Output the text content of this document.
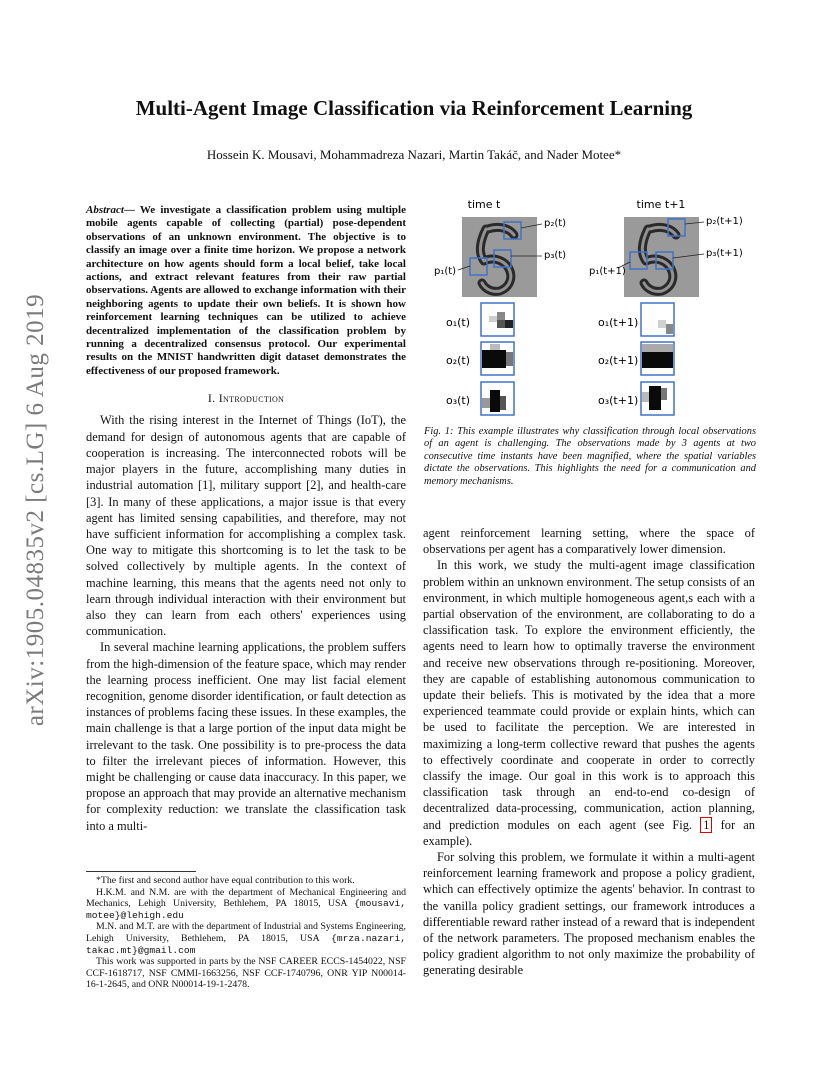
arXiv:1905.04835v2 [cs.LG] 6 Aug 2019
Multi-Agent Image Classification via Reinforcement Learning
Hossein K. Mousavi, Mohammadreza Nazari, Martin Takáč, and Nader Motee*

Abstract— We investigate a classification problem using multiple mobile agents capable of collecting (partial) pose-dependent observations of an unknown environment. The objective is to classify an image over a finite time horizon. We propose a network architecture on how agents should form a local belief, take local actions, and extract relevant features from their raw partial observations. Agents are allowed to exchange information with their neighboring agents to update their own beliefs. It is shown how reinforcement learning techniques can be utilized to achieve decentralized implementation of the classification problem by running a decentralized consensus protocol. Our experimental results on the MNIST handwritten digit dataset demonstrates the effectiveness of our proposed framework.

I. Introduction

With the rising interest in the Internet of Things (IoT), the demand for design of autonomous agents that are capable of cooperation is increasing. The interconnected robots will be major players in the future, accomplishing many duties in industrial automation [1], military support [2], and health-care [3]. In many of these applications, a major issue is that every agent has limited sensing capabilities, and therefore, may not have sufficient information for accomplishing a complex task. One way to mitigate this shortcoming is to let the task to be solved collectively by multiple agents. In the context of machine learning, this means that the agents need not only to learn through individual interaction with their environment but also they can learn from each others' experiences using communication.

In several machine learning applications, the problem suffers from the high-dimension of the feature space, which may render the learning process inefficient. One may list facial element recognition, genome disorder identification, or fault detection as instances of problems facing these issues. In these examples, the main challenge is that a large portion of the input data might be irrelevant to the task. One possibility is to pre-process the data to filter the irrelevant pieces of information. However, this might be challenging or cause data inaccuracy. In this paper, we propose an approach that may provide an alternative mechanism for complexity reduction: we translate the classification task into a multi-

*The first and second author have equal contribution to this work.

H.K.M. and N.M. are with the department of Mechanical Engineering and Mechanics, Lehigh University, Bethlehem, PA 18015, USA {mousavi, motee}@lehigh.edu

M.N. and M.T. are with the department of Industrial and Systems Engineering, Lehigh University, Bethlehem, PA 18015, USA {mrza.nazari, takac.mt}@gmail.com

This work was supported in parts by the NSF CAREER ECCS-1454022, NSF CCF-1618717, NSF CMMI-1663256, NSF CCF-1740796, ONR YIP N00014-16-1-2645, and ONR N00014-19-1-2478.

time t	time t+1
p₂(t)
p₃(t)
p₁(t)
p₂(t+1)
p₃(t+1)
p₁(t+1)
o₁(t)
o₂(t)
o₃(t)
o₁(t+1)
o₂(t+1)
o₃(t+1)
Fig. 1: This example illustrates why classification through local observations of an agent is challenging. The observations made by 3 agents at two consecutive time instants have been magnified, where the spatial variables dictate the observations. This highlights the need for a communication and memory mechanisms.

agent reinforcement learning setting, where the space of observations per agent has a comparatively lower dimension.

In this work, we study the multi-agent image classification problem within an unknown environment. The setup consists of an environment, in which multiple homogeneous agent,s each with a partial observation of the environment, are collaborating to do a classification task. To explore the environment efficiently, the agents need to learn how to optimally traverse the environment and receive new observations through re-positioning. Moreover, they are capable of establishing autonomous communication to update their beliefs. This is motivated by the idea that a more experienced teammate could provide or explain hints, which can be used to facilitate the perception. We are interested in maximizing a long-term collective reward that pushes the agents to effectively coordinate and cooperate in order to correctly classify the image. Our goal in this work is to approach this classification task through an end-to-end co-design of decentralized data-processing, communication, action planning, and prediction modules on each agent (see Fig. 1 for an example).

For solving this problem, we formulate it within a multi-agent reinforcement learning framework and propose a policy gradient, which can effectively optimize the agents' behavior. In contrast to the vanilla policy gradient settings, our framework introduces a differentiable reward rather instead of a reward that is independent of the network parameters. The proposed mechanism enables the policy gradient algorithm to not only maximize the probability of generating desirable
